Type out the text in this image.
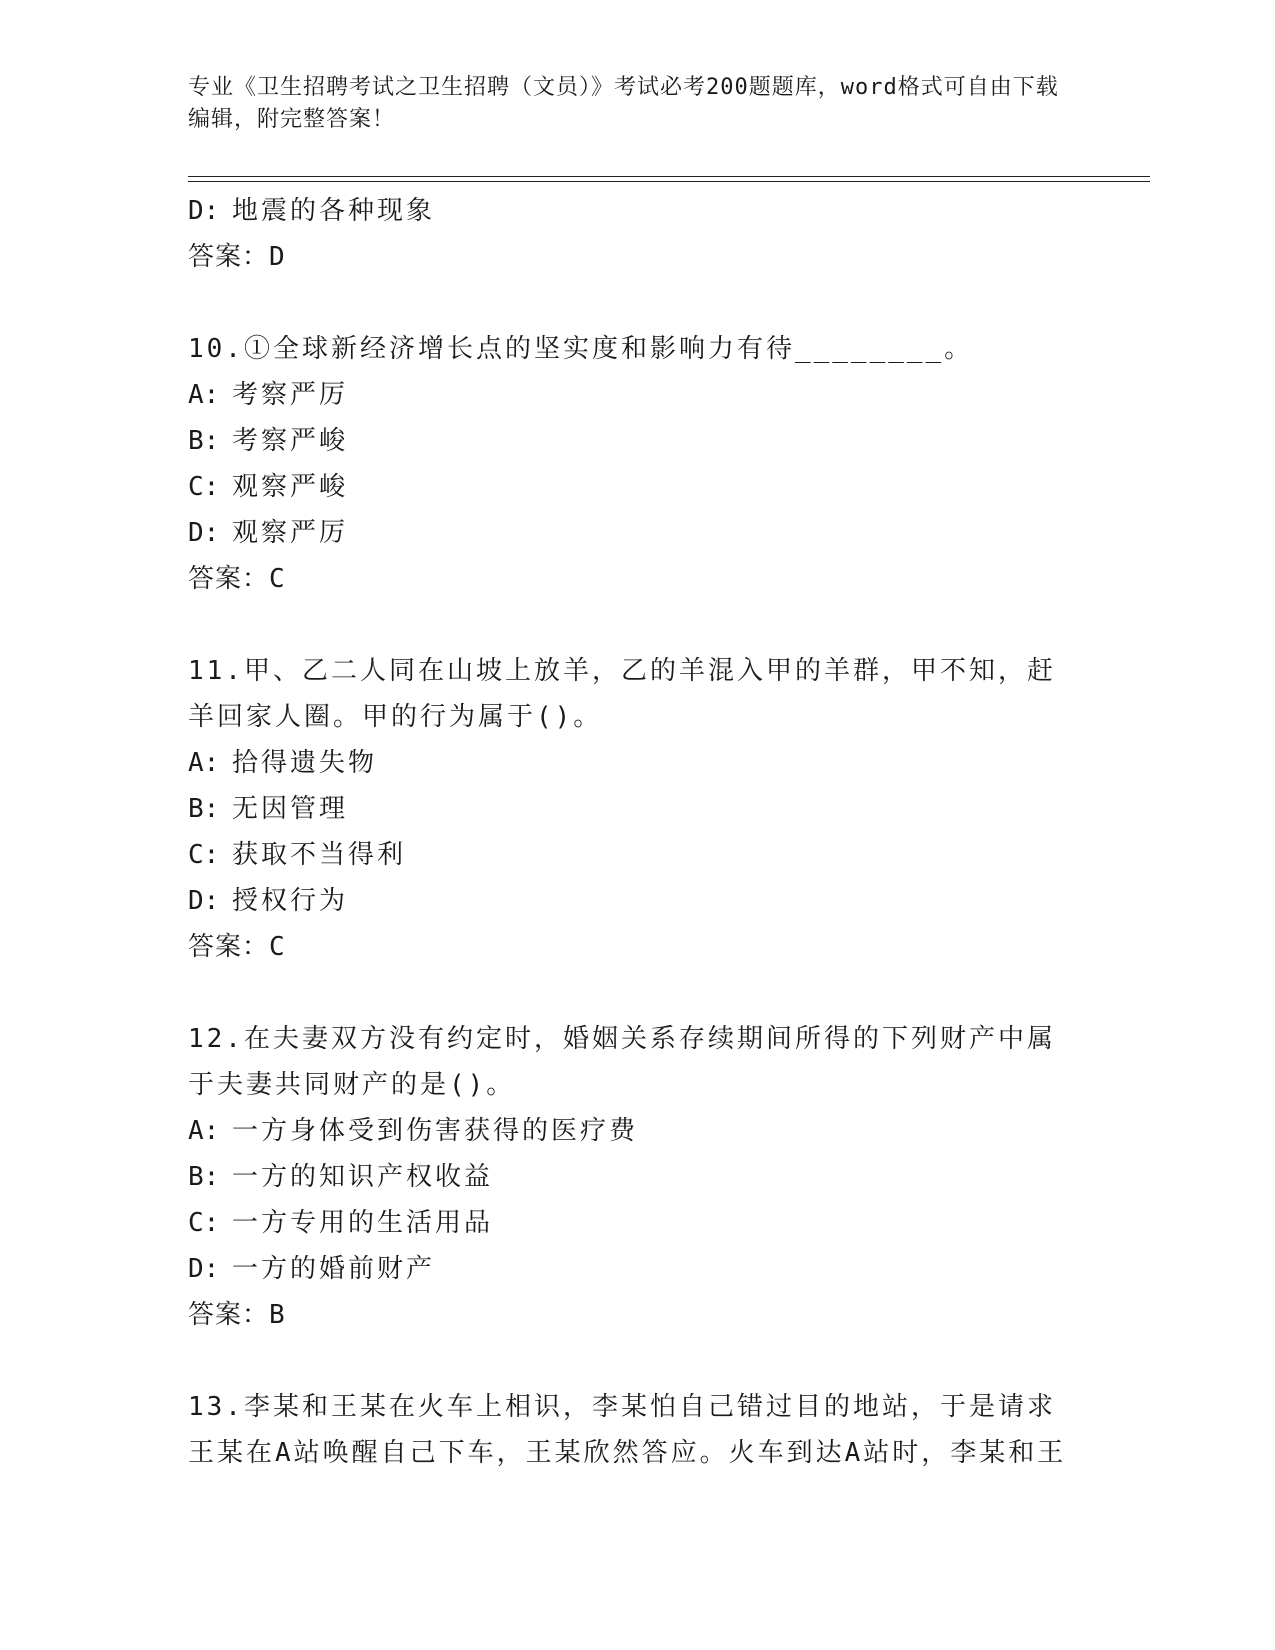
专业《卫生招聘考试之卫生招聘（文员）》考试必考200题题库，word格式可自由下载编辑，附完整答案！
D: 地震的各种现象
答案：D
10.①全球新经济增长点的坚实度和影响力有待________。
A: 考察严厉
B: 考察严峻
C: 观察严峻
D: 观察严厉
答案：C
11.甲、乙二人同在山坡上放羊，乙的羊混入甲的羊群，甲不知，赶羊回家人圈。甲的行为属于()。
A: 拾得遗失物
B: 无因管理
C: 获取不当得利
D: 授权行为
答案：C
12.在夫妻双方没有约定时，婚姻关系存续期间所得的下列财产中属于夫妻共同财产的是()。
A: 一方身体受到伤害获得的医疗费
B: 一方的知识产权收益
C: 一方专用的生活用品
D: 一方的婚前财产
答案：B
13.李某和王某在火车上相识，李某怕自己错过目的地站，于是请求王某在A站唤醒自己下车，王某欣然答应。火车到达A站时，李某和王
